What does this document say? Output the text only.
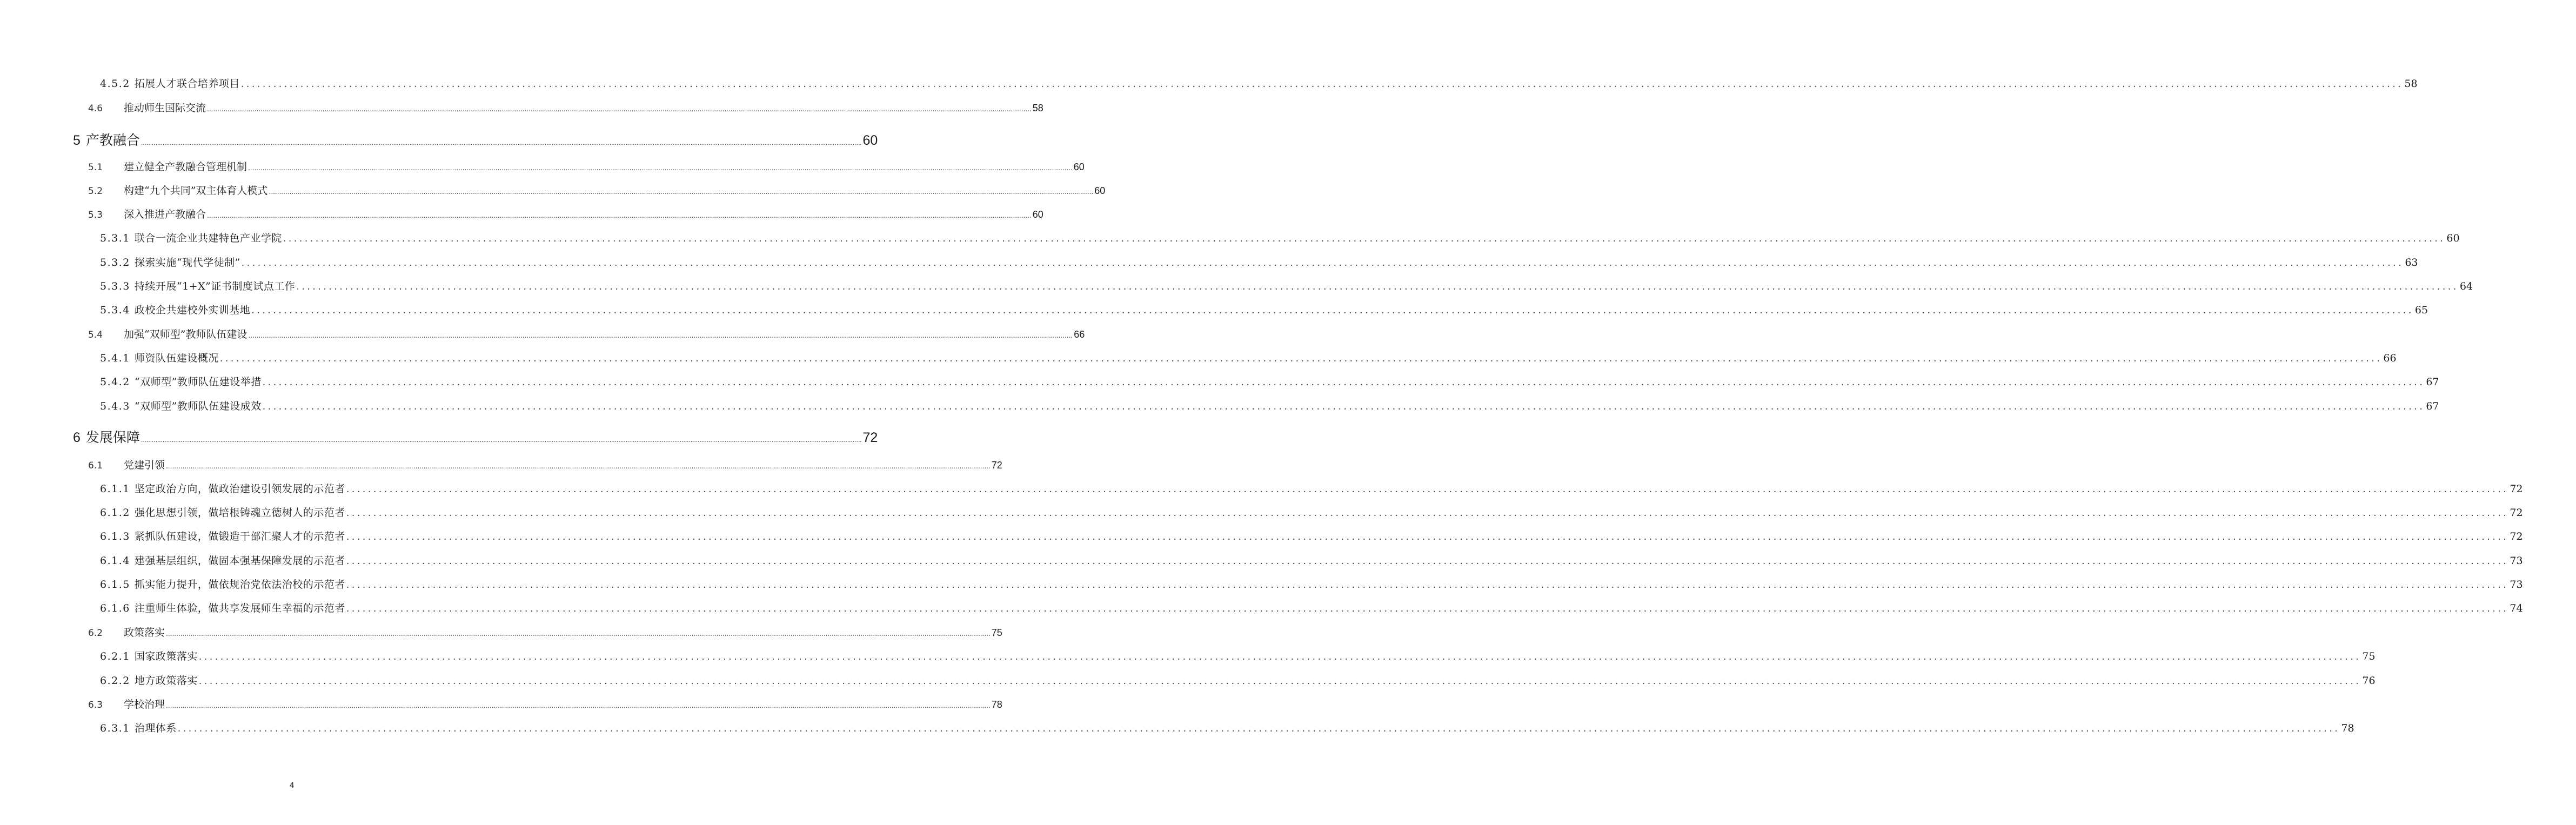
4.5.2 拓展人才联合培养项目 ................................................................................................................................................................................................................................................................................................................................................................................................................ 58
4.6	推动师生国际交流 ................................................................................................................................................................................................................................................................................................................................................................................................................ 58
5 产教融合 ................................................................................................................................................................................................................................................................................................................................................................................................................ 60
5.1	建立健全产教融合管理机制 ................................................................................................................................................................................................................................................................................................................................................................................................................ 60
5.2	构建“九个共同”双主体育人模式 ................................................................................................................................................................................................................................................................................................................................................................................................................ 60
5.3	深入推进产教融合 ................................................................................................................................................................................................................................................................................................................................................................................................................ 60
5.3.1 联合一流企业共建特色产业学院 ................................................................................................................................................................................................................................................................................................................................................................................................................ 60
5.3.2 探索实施“现代学徒制” ................................................................................................................................................................................................................................................................................................................................................................................................................ 63
5.3.3 持续开展“1+X”证书制度试点工作 ................................................................................................................................................................................................................................................................................................................................................................................................................ 64
5.3.4 政校企共建校外实训基地 ................................................................................................................................................................................................................................................................................................................................................................................................................ 65
5.4	加强“双师型”教师队伍建设 ................................................................................................................................................................................................................................................................................................................................................................................................................ 66
5.4.1 师资队伍建设概况 ................................................................................................................................................................................................................................................................................................................................................................................................................ 66
5.4.2 “双师型”教师队伍建设举措 ................................................................................................................................................................................................................................................................................................................................................................................................................ 67
5.4.3 “双师型”教师队伍建设成效 ................................................................................................................................................................................................................................................................................................................................................................................................................ 67
6 发展保障 ................................................................................................................................................................................................................................................................................................................................................................................................................ 72
6.1	党建引领 ................................................................................................................................................................................................................................................................................................................................................................................................................ 72
6.1.1 坚定政治方向，做政治建设引领发展的示范者 ................................................................................................................................................................................................................................................................................................................................................................................................................ 72
6.1.2 强化思想引领，做培根铸魂立德树人的示范者 ................................................................................................................................................................................................................................................................................................................................................................................................................ 72
6.1.3 紧抓队伍建设，做锻造干部汇聚人才的示范者 ................................................................................................................................................................................................................................................................................................................................................................................................................ 72
6.1.4 建强基层组织，做固本强基保障发展的示范者 ................................................................................................................................................................................................................................................................................................................................................................................................................ 73
6.1.5 抓实能力提升，做依规治党依法治校的示范者 ................................................................................................................................................................................................................................................................................................................................................................................................................ 73
6.1.6 注重师生体验，做共享发展师生幸福的示范者 ................................................................................................................................................................................................................................................................................................................................................................................................................ 74
6.2	政策落实 ................................................................................................................................................................................................................................................................................................................................................................................................................ 75
6.2.1 国家政策落实 ................................................................................................................................................................................................................................................................................................................................................................................................................ 75
6.2.2 地方政策落实 ................................................................................................................................................................................................................................................................................................................................................................................................................ 76
6.3	学校治理 ................................................................................................................................................................................................................................................................................................................................................................................................................ 78
6.3.1 治理体系 ................................................................................................................................................................................................................................................................................................................................................................................................................ 78
4
